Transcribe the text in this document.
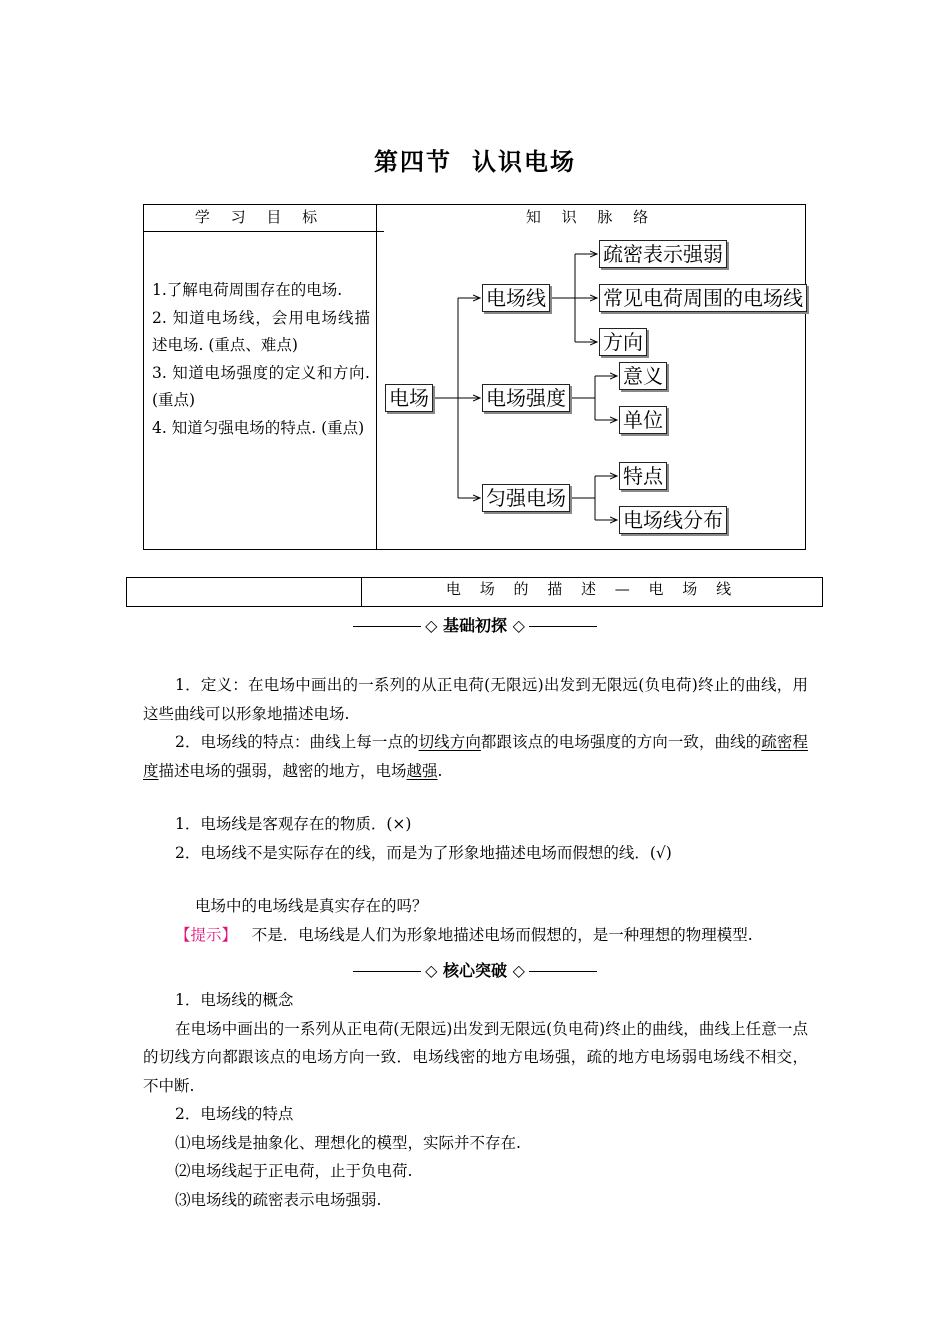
第四节 认识电场
学 习 目 标	知 识 脉 络
1.了解电荷周围存在的电场.
2. 知道电场线，会用电场线描述电场. (重点、难点)
3. 知道电场强度的定义和方向. (重点)
4. 知道匀强电场的特点. (重点)
电场
电场线
电场强度
匀强电场
疏密表示强弱
常见电荷周围的电场线
方向
意义
单位
特点
电场线分布
电 场 的 描 述 — 电 场 线
◇ 基础初探 ◇
1．定义：在电场中画出的一系列的从正电荷(无限远)出发到无限远(负电荷)终止的曲线，用这些曲线可以形象地描述电场.
2．电场线的特点：曲线上每一点的切线方向都跟该点的电场强度的方向一致，曲线的疏密程度描述电场的强弱，越密的地方，电场越强.
1．电场线是客观存在的物质．(×)
2．电场线不是实际存在的线，而是为了形象地描述电场而假想的线．(√)
电场中的电场线是真实存在的吗？
【提示】 不是．电场线是人们为形象地描述电场而假想的，是一种理想的物理模型.
◇ 核心突破 ◇
1．电场线的概念
在电场中画出的一系列从正电荷(无限远)出发到无限远(负电荷)终止的曲线，曲线上任意一点的切线方向都跟该点的电场方向一致．电场线密的地方电场强，疏的地方电场弱电场线不相交，不中断.
2．电场线的特点
⑴电场线是抽象化、理想化的模型，实际并不存在.
⑵电场线起于正电荷，止于负电荷.
⑶电场线的疏密表示电场强弱.
